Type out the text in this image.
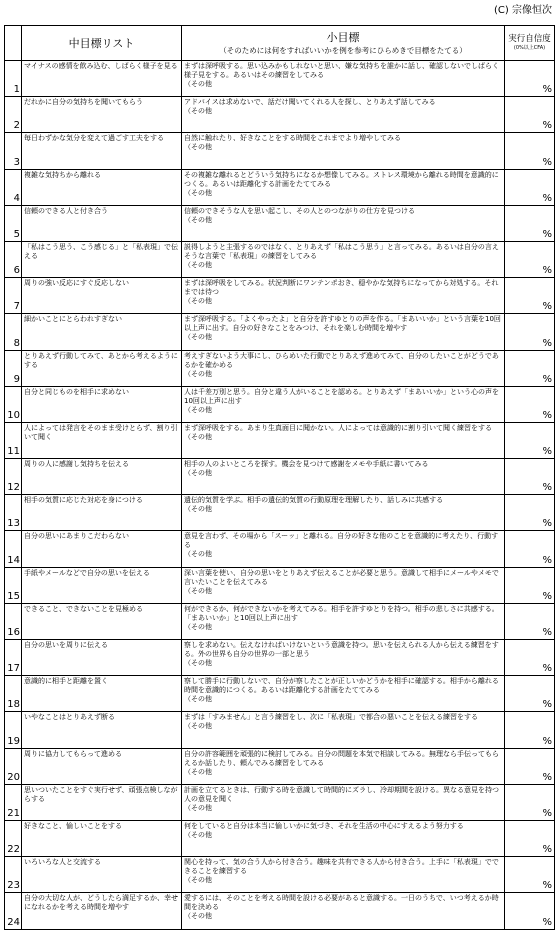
(C) 宗像恒次
	中目標リスト	小目標
（そのためには何をすればいいかを例を参考にひらめきで目標をたてる）	実行自信度
(0%以上CFA)

1	マイナスの感情を飲み込む、しばらく様子を見る	まずは深呼吸する。思い込みかもしれないと思い、嫌な気持ちを誰かに話し、確認しないでしばらく様子見をする。あるいはその練習をしてみる
（その他	%
2	だれかに自分の気持ちを聞いてもらう	アドバイスは求めないで、話だけ聞いてくれる人を探し、とりあえず話してみる
（その他	%
3	毎日わずかな気分を変えて過ごす工夫をする	自然に触れたり、好きなことをする時間をこれまでより増やしてみる
（その他	%
4	複雑な気持ちから離れる	その複雑な離れるとどういう気持ちになるか想像してみる。ストレス環境から離れる時間を意識的につくる。あるいは距離化する計画をたててみる
（その他	%
5	信頼のできる人と付き合う	信頼のできそうな人を思い起こし、その人とのつながりの仕方を見つける
（その他	%
6	「私はこう思う、こう感じる」と「私表現」で伝える	説得しようと主張するのではなく、とりあえず「私はこう思う」と言ってみる。あるいは自分の言えそうな言葉で「私表現」の練習をしてみる
（その他	%
7	周りの強い反応にすぐ反応しない	まずは深呼吸をしてみる。状況判断にワンテンポおき、穏やかな気持ちになってから対処する。それまでは待つ
（その他	%
8	細かいことにとらわれすぎない	まず深呼吸する。「よくやったよ」と自分を許すゆとりの声を作る。「まあいいか」という言葉を10回以上声に出す。自分の好きなことをみつけ、それを楽しむ時間を増やす
（その他	%
9	とりあえず行動してみて、あとから考えるようにする	考えすぎないよう大事にし、ひらめいた行動でとりあえず進めてみて、自分のしたいことがどうであるかを確かめる
（その他	%
10	自分と同じものを相手に求めない	人は千差万別と思う。自分と違う人がいることを認める。とりあえず「まあいいか」という心の声を10回以上声に出す
（その他	%
11	人によっては発言をそのまま受けとらず、割り引いて聞く	まず深呼吸をする。あまり生真面目に聞かない。人によっては意識的に割り引いて聞く練習をする
（その他	%
12	周りの人に感謝し気持ちを伝える	相手の人のよいところを探す。機会を見つけて感謝をメモや手紙に書いてみる
（その他	%
13	相手の気質に応じた対応を身につける	遺伝的気質を学ぶ。相手の遺伝的気質の行動原理を理解したり、話しみに共感する
（その他	%
14	自分の思いにあまりこだわらない	意見を言わず、その場から「スーッ」と離れる。自分の好きな他のことを意識的に考えたり、行動する
（その他	%
15	手紙やメールなどで自分の思いを伝える	深い言葉を使い、自分の思いをとりあえず伝えることが必要と思う。意識して相手にメールやメモで言いたいことを伝えてみる
（その他	%
16	できること、できないことを見極める	何ができるか、何ができないかを考えてみる。相手を許すゆとりを持つ。相手の悲しさに共感する。「まあいいか」と10回以上声に出す
（その他	%
17	自分の思いを周りに伝える	察しを求めない。伝えなければいけないという意識を持つ。思いを伝えられる人から伝える練習をする。外の世界も自分の世界の一部と思う
（その他	%
18	意識的に相手と距離を置く	察して勝手に行動しないで、自分が察したことが正しいかどうかを相手に確認する。相手から離れる時間を意識的につくる。あるいは距離化する計画をたててみる
（その他	%
19	いやなことはとりあえず断る	まずは「すみません」と言う練習をし、次に「私表現」で都合の悪いことを伝える練習をする
（その他	%
20	周りに協力してもらって進める	自分の許容範囲を頑張的に検討してみる。自分の問題を本気で相談してみる。無理なら手伝ってもらえるか話したり、頼んでみる練習をしてみる
（その他	%
21	思いついたことをすぐ実行せず、頑張点検しながらする	計画を立てるときは、行動する時を意識して時間的にズラし、冷却期間を設ける。異なる意見を持つ人の意見を聞く
（その他	%
22	好きなこと、愉しいことをする	何をしていると自分は本当に愉しいかに気づき、それを生活の中心にすえるよう努力する
（その他	%
23	いろいろな人と交流する	関心を持って、気の合う人から付き合う。趣味を共有できる人から付き合う。上手に「私表現」でできることを練習する
（その他	%
24	自分の大切な人が、どうしたら満足するか、幸せになれるかを考える時間を増やす	愛するには、そのことを考える時間を設ける必要があると意識する。一日のうちで、いつ考えるか時間を決める
（その他	%
